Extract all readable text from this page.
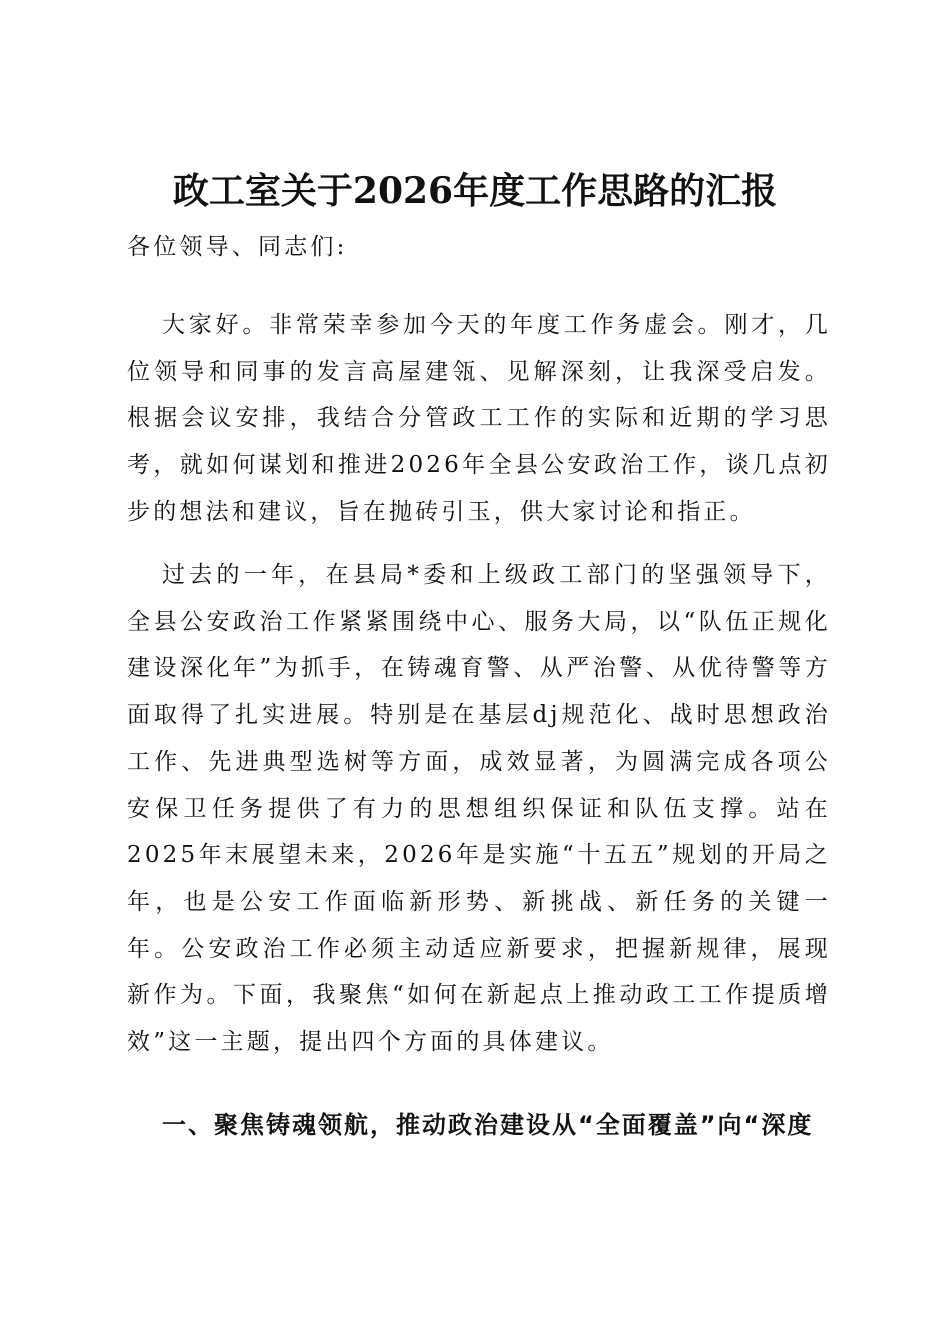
政工室关于2026年度工作思路的汇报
各位领导、同志们:
大家好。非常荣幸参加今天的年度工作务虚会。刚才，几位领导和同事的发言高屋建瓴、见解深刻，让我深受启发。根据会议安排，我结合分管政工工作的实际和近期的学习思考，就如何谋划和推进2026年全县公安政治工作，谈几点初步的想法和建议，旨在抛砖引玉，供大家讨论和指正。
过去的一年，在县局*委和上级政工部门的坚强领导下，全县公安政治工作紧紧围绕中心、服务大局，以“队伍正规化建设深化年”为抓手，在铸魂育警、从严治警、从优待警等方面取得了扎实进展。特别是在基层dj规范化、战时思想政治工作、先进典型选树等方面，成效显著，为圆满完成各项公安保卫任务提供了有力的思想组织保证和队伍支撑。站在2025年末展望未来，2026年是实施“十五五”规划的开局之年，也是公安工作面临新形势、新挑战、新任务的关键一年。公安政治工作必须主动适应新要求，把握新规律，展现新作为。下面，我聚焦“如何在新起点上推动政工工作提质增效”这一主题，提出四个方面的具体建议。
一、聚焦铸魂领航，推动政治建设从“全面覆盖”向“深度
